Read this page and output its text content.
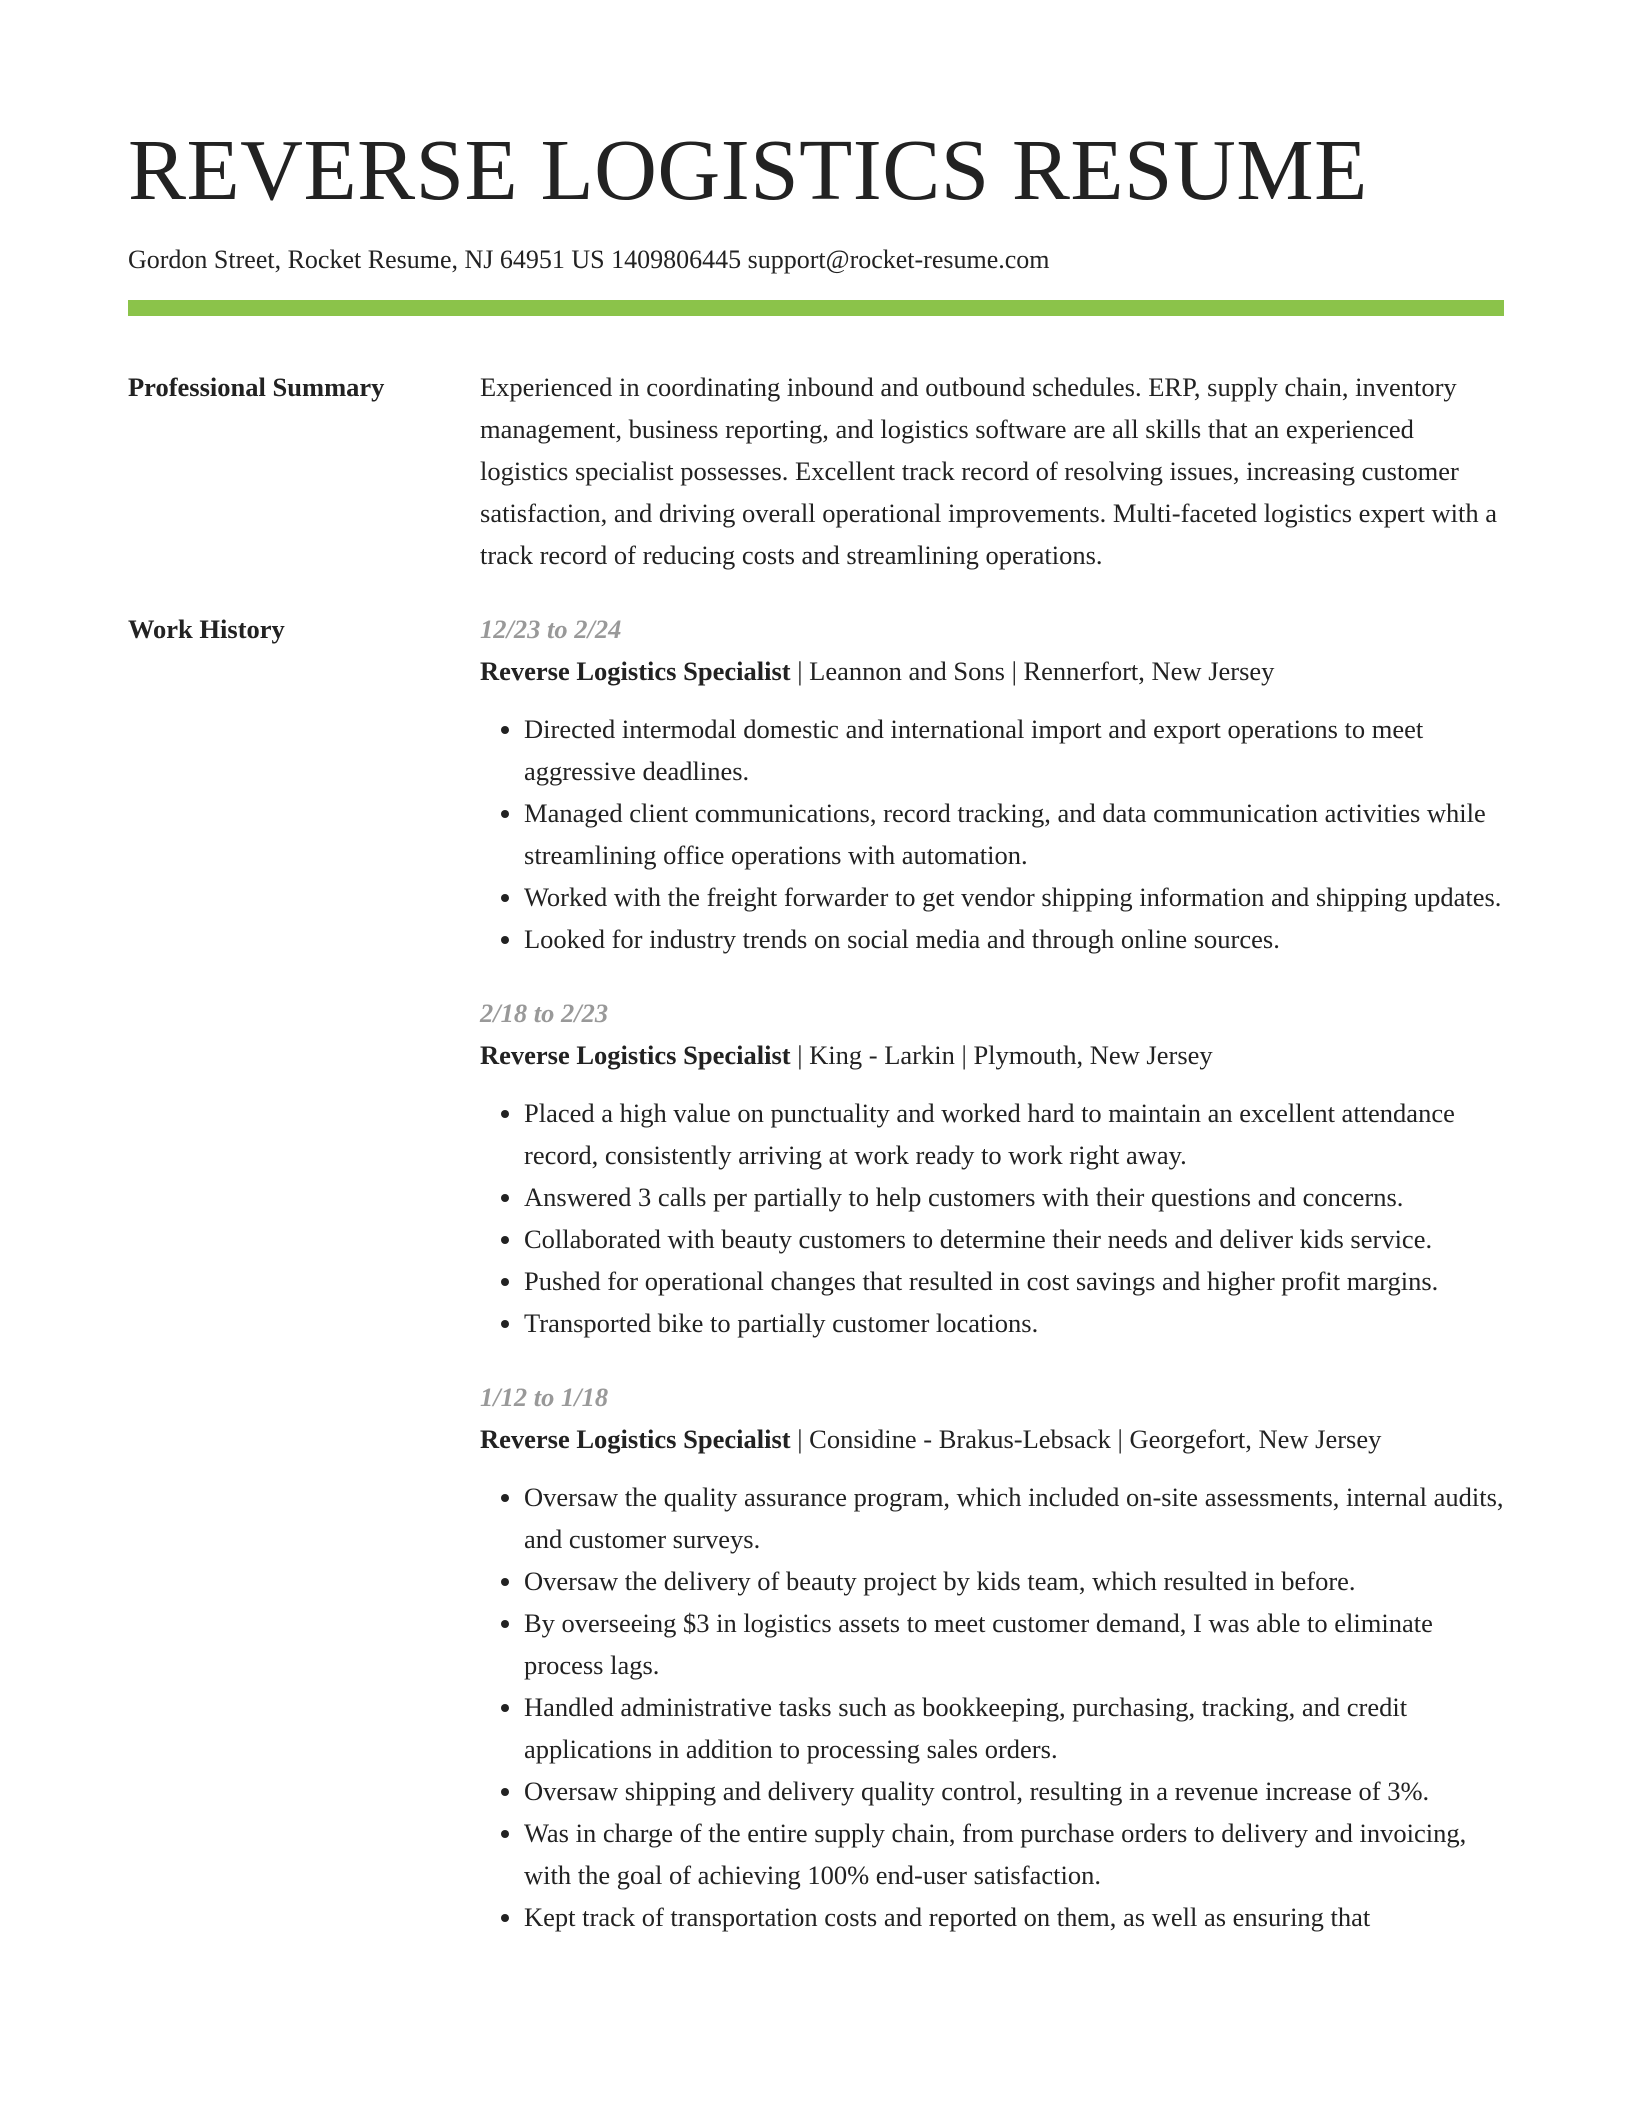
REVERSE LOGISTICS RESUME
Gordon Street, Rocket Resume, NJ 64951 US 1409806445 support@rocket-resume.com
Professional Summary	Experienced in coordinating inbound and outbound schedules. ERP, supply chain, inventory management, business reporting, and logistics software are all skills that an experienced logistics specialist possesses. Excellent track record of resolving issues, increasing customer satisfaction, and driving overall operational improvements. Multi-faceted logistics expert with a track record of reducing costs and streamlining operations.

Work History	12/23 to 2/24
Reverse Logistics Specialist | Leannon and Sons | Rennerfort, New Jersey
• Directed intermodal domestic and international import and export operations to meet aggressive deadlines.
• Managed client communications, record tracking, and data communication activities while streamlining office operations with automation.
• Worked with the freight forwarder to get vendor shipping information and shipping updates.
• Looked for industry trends on social media and through online sources.
2/18 to 2/23
Reverse Logistics Specialist | King - Larkin | Plymouth, New Jersey
• Placed a high value on punctuality and worked hard to maintain an excellent attendance record, consistently arriving at work ready to work right away.
• Answered 3 calls per partially to help customers with their questions and concerns.
• Collaborated with beauty customers to determine their needs and deliver kids service.
• Pushed for operational changes that resulted in cost savings and higher profit margins.
• Transported bike to partially customer locations.
1/12 to 1/18
Reverse Logistics Specialist | Considine - Brakus-Lebsack | Georgefort, New Jersey
• Oversaw the quality assurance program, which included on-site assessments, internal audits, and customer surveys.
• Oversaw the delivery of beauty project by kids team, which resulted in before.
• By overseeing $3 in logistics assets to meet customer demand, I was able to eliminate process lags.
• Handled administrative tasks such as bookkeeping, purchasing, tracking, and credit applications in addition to processing sales orders.
• Oversaw shipping and delivery quality control, resulting in a revenue increase of 3%.
• Was in charge of the entire supply chain, from purchase orders to delivery and invoicing, with the goal of achieving 100% end-user satisfaction.
• Kept track of transportation costs and reported on them, as well as ensuring that
